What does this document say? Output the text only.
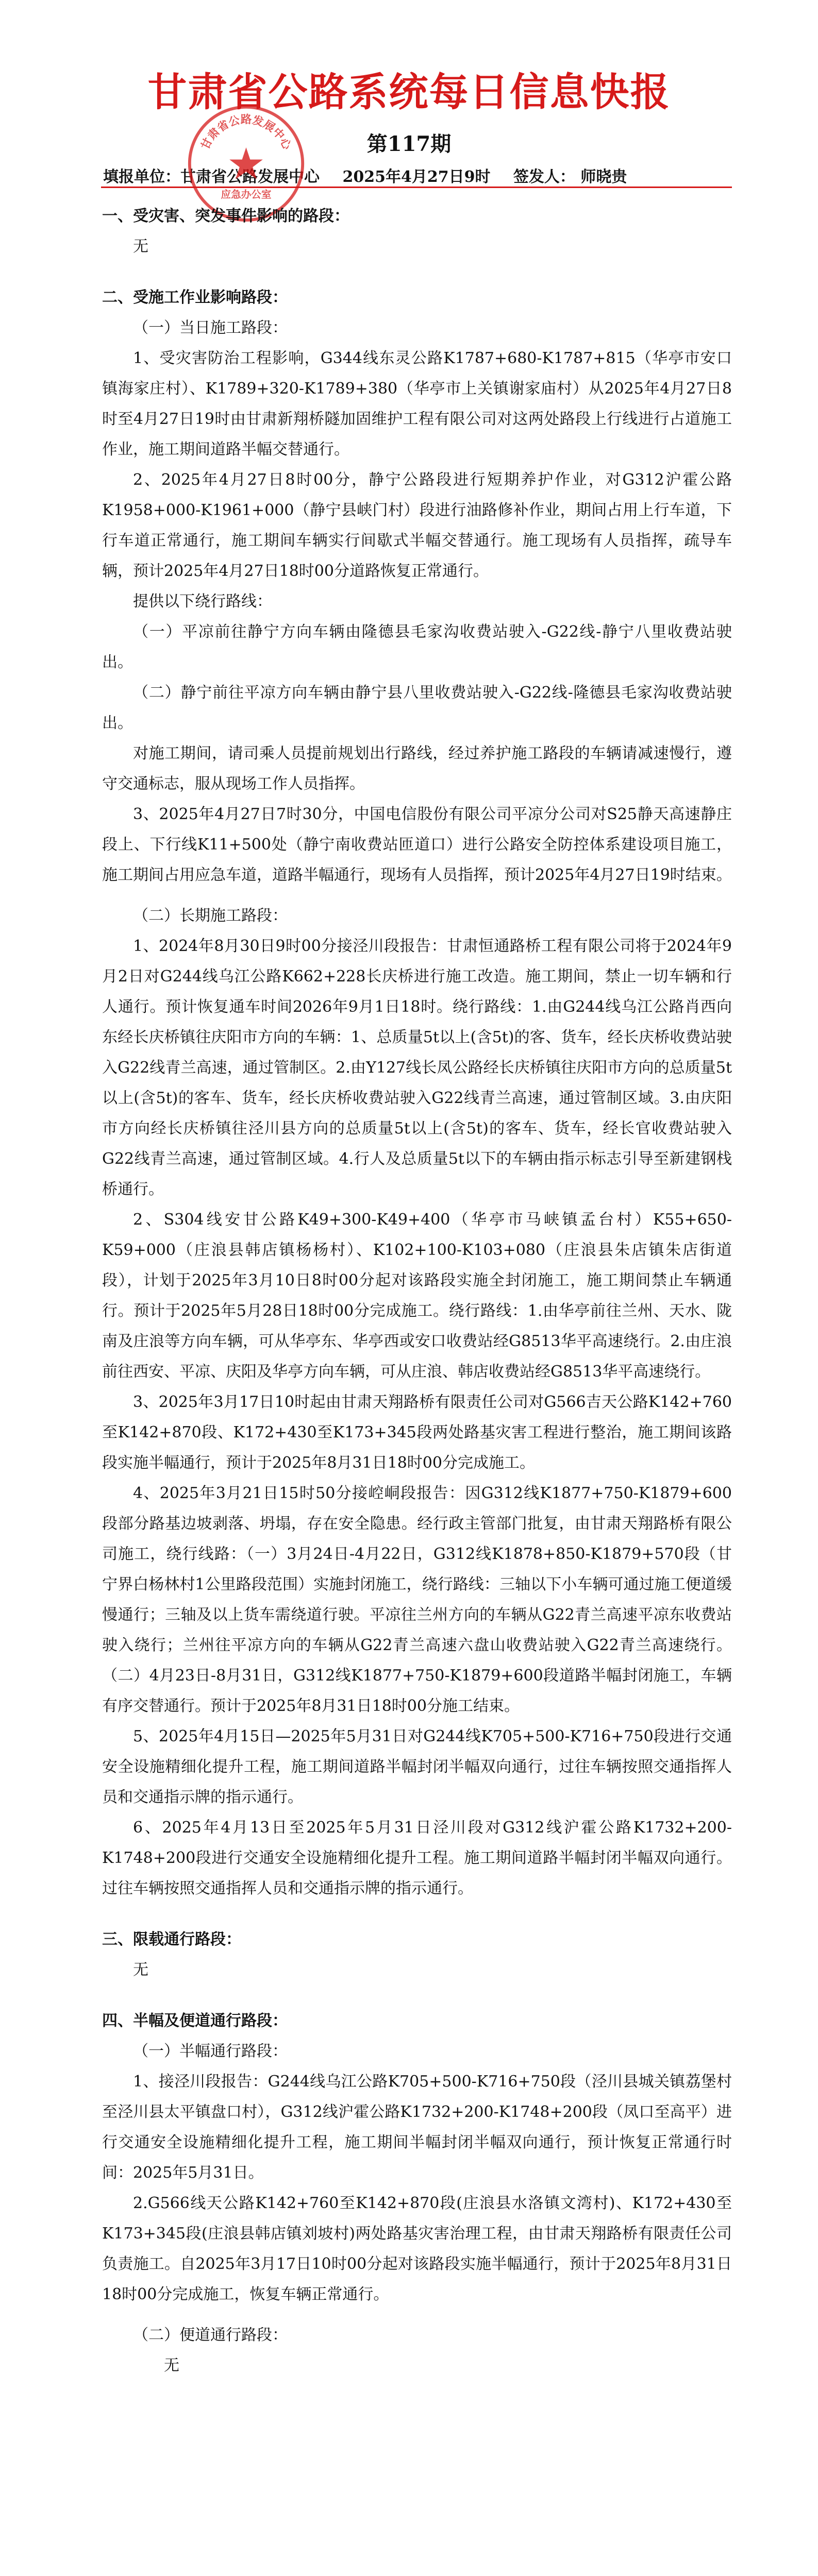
甘肃省公路系统每日信息快报
第117期
填报单位：甘肃省公路发展中心 2025年4月27日9时 签发人： 师晓贵
甘肃省公路发展中心
应急办公室

一、受灾害、突发事件影响的路段：

无

二、受施工作业影响路段：

（一）当日施工路段：

1、受灾害防治工程影响，G344线东灵公路K1787+680-K1787+815（华亭市安口镇海家庄村）、K1789+320-K1789+380（华亭市上关镇谢家庙村）从2025年4月27日8时至4月27日19时由甘肃新翔桥隧加固维护工程有限公司对这两处路段上行线进行占道施工作业，施工期间道路半幅交替通行。

2、2025年4月27日8时00分，静宁公路段进行短期养护作业，对G312沪霍公路K1958+000-K1961+000（静宁县峡门村）段进行油路修补作业，期间占用上行车道，下行车道正常通行，施工期间车辆实行间歇式半幅交替通行。施工现场有人员指挥，疏导车辆，预计2025年4月27日18时00分道路恢复正常通行。

提供以下绕行路线：

（一）平凉前往静宁方向车辆由隆德县毛家沟收费站驶入-G22线-静宁八里收费站驶出。

（二）静宁前往平凉方向车辆由静宁县八里收费站驶入-G22线-隆德县毛家沟收费站驶出。

对施工期间，请司乘人员提前规划出行路线，经过养护施工路段的车辆请减速慢行，遵守交通标志，服从现场工作人员指挥。

3、2025年4月27日7时30分，中国电信股份有限公司平凉分公司对S25静天高速静庄段上、下行线K11+500处（静宁南收费站匝道口）进行公路安全防控体系建设项目施工，施工期间占用应急车道，道路半幅通行，现场有人员指挥，预计2025年4月27日19时结束。

（二）长期施工路段：

1、2024年8月30日9时00分接泾川段报告：甘肃恒通路桥工程有限公司将于2024年9月2日对G244线乌江公路K662+228长庆桥进行施工改造。施工期间，禁止一切车辆和行人通行。预计恢复通车时间2026年9月1日18时。绕行路线：1.由G244线乌江公路肖西向东经长庆桥镇往庆阳市方向的车辆：1、总质量5t以上(含5t)的客、货车，经长庆桥收费站驶入G22线青兰高速，通过管制区。2.由Y127线长凤公路经长庆桥镇往庆阳市方向的总质量5t以上(含5t)的客车、货车，经长庆桥收费站驶入G22线青兰高速，通过管制区域。3.由庆阳市方向经长庆桥镇往泾川县方向的总质量5t以上(含5t)的客车、货车，经长官收费站驶入G22线青兰高速，通过管制区域。4.行人及总质量5t以下的车辆由指示标志引导至新建钢栈桥通行。

2、S304线安甘公路K49+300-K49+400（华亭市马峡镇孟台村）K55+650-K59+000（庄浪县韩店镇杨杨村）、K102+100-K103+080（庄浪县朱店镇朱店街道段），计划于2025年3月10日8时00分起对该路段实施全封闭施工，施工期间禁止车辆通行。预计于2025年5月28日18时00分完成施工。绕行路线：1.由华亭前往兰州、天水、陇南及庄浪等方向车辆，可从华亭东、华亭西或安口收费站经G8513华平高速绕行。2.由庄浪前往西安、平凉、庆阳及华亭方向车辆，可从庄浪、韩店收费站经G8513华平高速绕行。

3、2025年3月17日10时起由甘肃天翔路桥有限责任公司对G566吉天公路K142+760至K142+870段、K172+430至K173+345段两处路基灾害工程进行整治，施工期间该路段实施半幅通行，预计于2025年8月31日18时00分完成施工。

4、2025年3月21日15时50分接崆峒段报告：因G312线K1877+750-K1879+600段部分路基边坡剥落、坍塌，存在安全隐患。经行政主管部门批复，由甘肃天翔路桥有限公司施工，绕行线路：（一）3月24日-4月22日，G312线K1878+850-K1879+570段（甘宁界白杨林村1公里路段范围）实施封闭施工，绕行路线：三轴以下小车辆可通过施工便道缓慢通行；三轴及以上货车需绕道行驶。平凉往兰州方向的车辆从G22青兰高速平凉东收费站驶入绕行；兰州往平凉方向的车辆从G22青兰高速六盘山收费站驶入G22青兰高速绕行。（二）4月23日-8月31日，G312线K1877+750-K1879+600段道路半幅封闭施工，车辆有序交替通行。预计于2025年8月31日18时00分施工结束。

5、2025年4月15日—2025年5月31日对G244线K705+500-K716+750段进行交通安全设施精细化提升工程，施工期间道路半幅封闭半幅双向通行，过往车辆按照交通指挥人员和交通指示牌的指示通行。

6、2025年4月13日至2025年5月31日泾川段对G312线沪霍公路K1732+200-K1748+200段进行交通安全设施精细化提升工程。施工期间道路半幅封闭半幅双向通行。过往车辆按照交通指挥人员和交通指示牌的指示通行。

三、限载通行路段：

无

四、半幅及便道通行路段：

（一）半幅通行路段：

1、接泾川段报告：G244线乌江公路K705+500-K716+750段（泾川县城关镇荔堡村至泾川县太平镇盘口村），G312线沪霍公路K1732+200-K1748+200段（凤口至高平）进行交通安全设施精细化提升工程，施工期间半幅封闭半幅双向通行，预计恢复正常通行时间：2025年5月31日。

2.G566线天公路K142+760至K142+870段(庄浪县水洛镇文湾村)、K172+430至K173+345段(庄浪县韩店镇刘坡村)两处路基灾害治理工程，由甘肃天翔路桥有限责任公司负责施工。自2025年3月17日10时00分起对该路段实施半幅通行，预计于2025年8月31日18时00分完成施工，恢复车辆正常通行。

（二）便道通行路段：

无
